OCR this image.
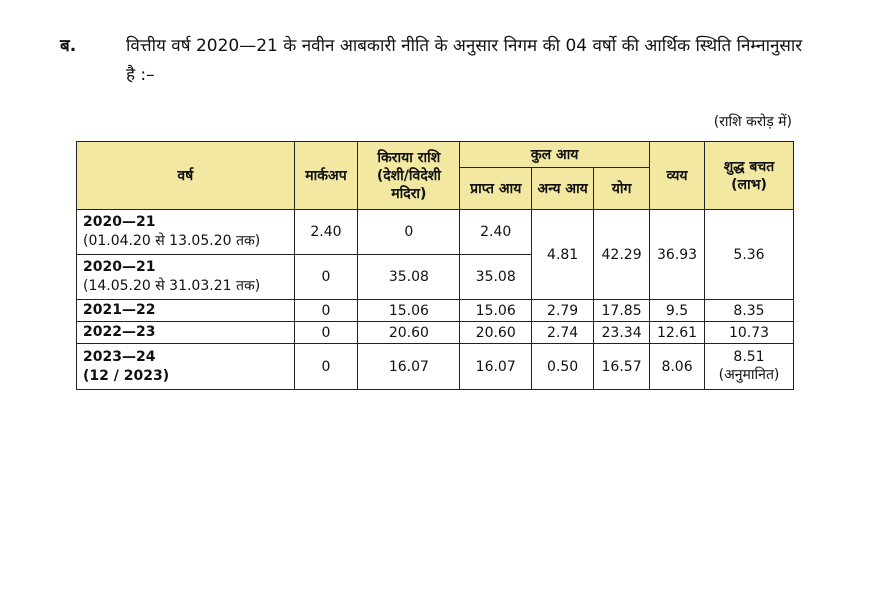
ब.	वित्तीय वर्ष 2020—21 के नवीन आबकारी नीति के अनुसार निगम की 04 वर्षो की आर्थिक स्थिति निम्नानुसार है :–
(राशि करोड़ में)
वर्ष	मार्कअप	किराया राशि (देशी/विदेशी मदिरा)	कुल आय			व्यय	शुद्ध बचत (लाभ)
			प्राप्त आय	अन्य आय	योग		

2020—21
(01.04.20 से 13.05.20 तक)	2.40	0	2.40	4.81	42.29	36.93	5.36

2020—21
(14.05.20 से 31.03.21 तक)	0	35.08	35.08				

2021—22	0	15.06	15.06	2.79	17.85	9.5	8.35

2022—23	0	20.60	20.60	2.74	23.34	12.61	10.73

2023—24
(12 / 2023)	0	16.07	16.07	0.50	16.57	8.06	8.51
(अनुमानित)
